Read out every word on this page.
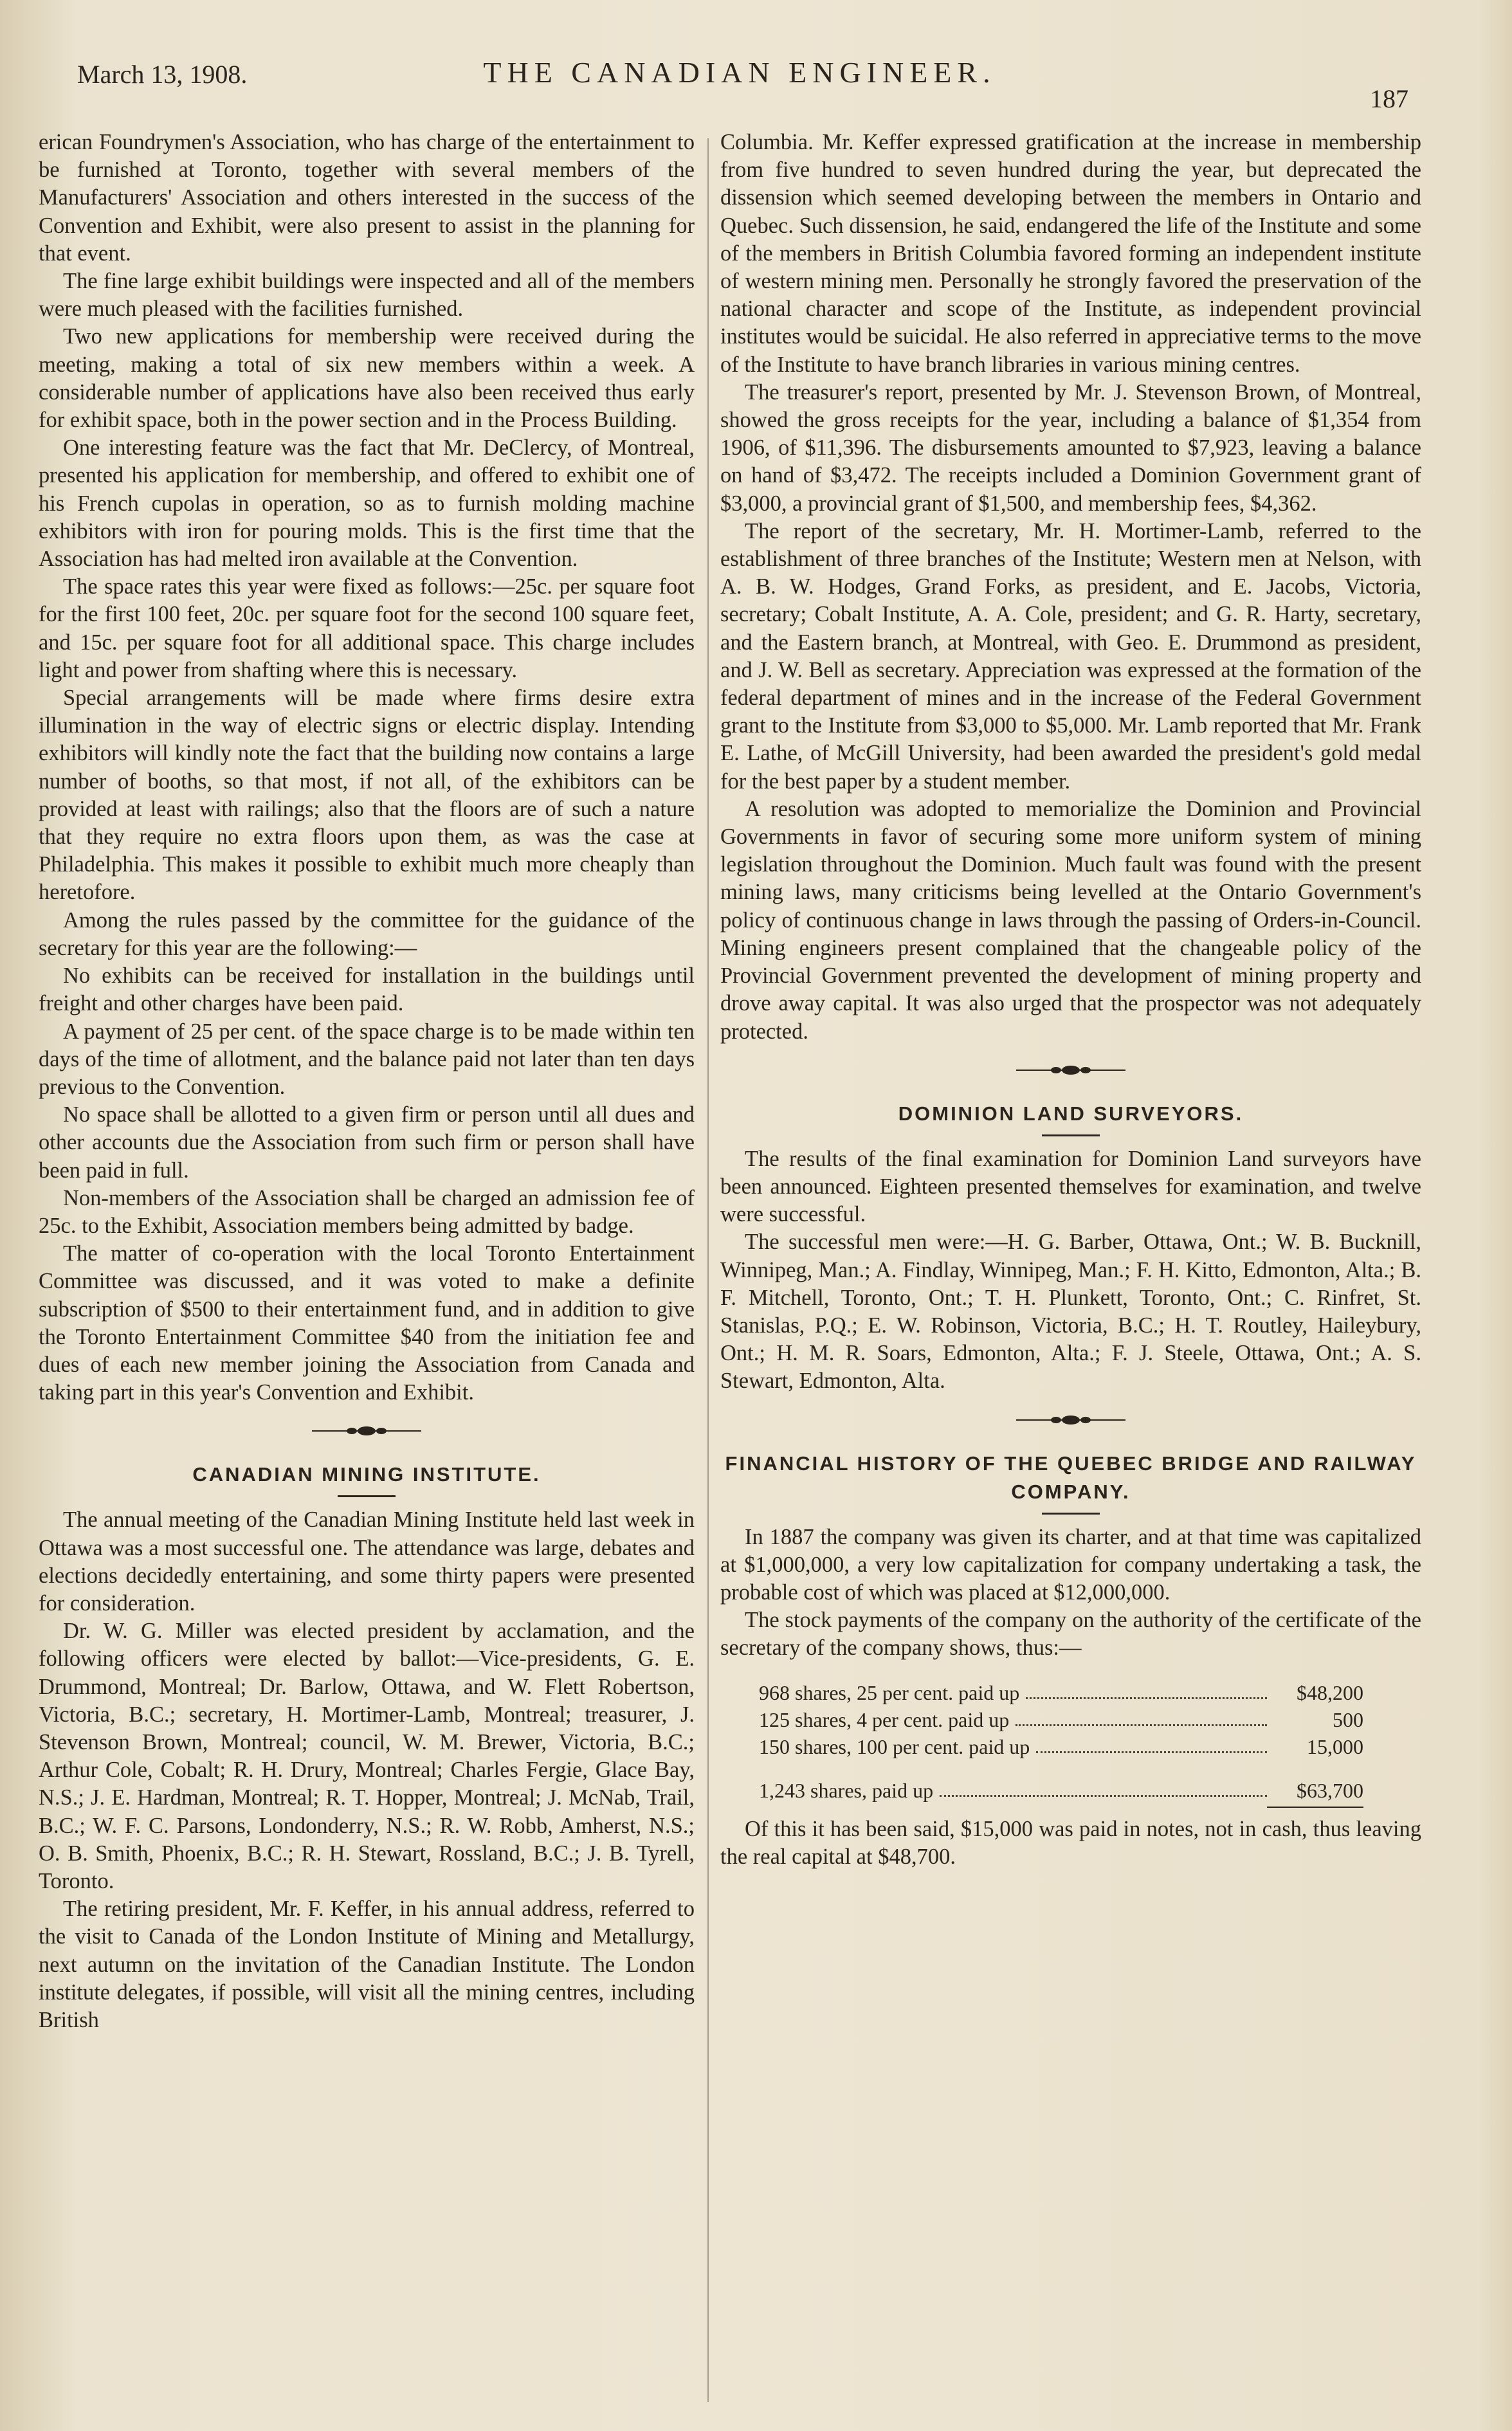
March 13, 1908.	THE CANADIAN ENGINEER.
187

erican Foundrymen's Association, who has charge of the entertainment to be furnished at Toronto, together with several members of the Manufacturers' Association and others interested in the success of the Convention and Exhibit, were also present to assist in the planning for that event.

The fine large exhibit buildings were inspected and all of the members were much pleased with the facilities furnished.

Two new applications for membership were received during the meeting, making a total of six new members within a week. A considerable number of applications have also been received thus early for exhibit space, both in the power section and in the Process Building.

One interesting feature was the fact that Mr. DeClercy, of Montreal, presented his application for membership, and offered to exhibit one of his French cupolas in operation, so as to furnish molding machine exhibitors with iron for pouring molds. This is the first time that the Association has had melted iron available at the Convention.

The space rates this year were fixed as follows:—25c. per square foot for the first 100 feet, 20c. per square foot for the second 100 square feet, and 15c. per square foot for all additional space. This charge includes light and power from shafting where this is necessary.

Special arrangements will be made where firms desire extra illumination in the way of electric signs or electric display. Intending exhibitors will kindly note the fact that the building now contains a large number of booths, so that most, if not all, of the exhibitors can be provided at least with railings; also that the floors are of such a nature that they require no extra floors upon them, as was the case at Philadelphia. This makes it possible to exhibit much more cheaply than heretofore.

Among the rules passed by the committee for the guidance of the secretary for this year are the following:—

No exhibits can be received for installation in the buildings until freight and other charges have been paid.

A payment of 25 per cent. of the space charge is to be made within ten days of the time of allotment, and the balance paid not later than ten days previous to the Convention.

No space shall be allotted to a given firm or person until all dues and other accounts due the Association from such firm or person shall have been paid in full.

Non-members of the Association shall be charged an admission fee of 25c. to the Exhibit, Association members being admitted by badge.

The matter of co-operation with the local Toronto Entertainment Committee was discussed, and it was voted to make a definite subscription of $500 to their entertainment fund, and in addition to give the Toronto Entertainment Committee $40 from the initiation fee and dues of each new member joining the Association from Canada and taking part in this year's Convention and Exhibit.

CANADIAN MINING INSTITUTE.

The annual meeting of the Canadian Mining Institute held last week in Ottawa was a most successful one. The attendance was large, debates and elections decidedly entertaining, and some thirty papers were presented for consideration.

Dr. W. G. Miller was elected president by acclamation, and the following officers were elected by ballot:—Vice-presidents, G. E. Drummond, Montreal; Dr. Barlow, Ottawa, and W. Flett Robertson, Victoria, B.C.; secretary, H. Mortimer-Lamb, Montreal; treasurer, J. Stevenson Brown, Montreal; council, W. M. Brewer, Victoria, B.C.; Arthur Cole, Cobalt; R. H. Drury, Montreal; Charles Fergie, Glace Bay, N.S.; J. E. Hardman, Montreal; R. T. Hopper, Montreal; J. McNab, Trail, B.C.; W. F. C. Parsons, Londonderry, N.S.; R. W. Robb, Amherst, N.S.; O. B. Smith, Phoenix, B.C.; R. H. Stewart, Rossland, B.C.; J. B. Tyrell, Toronto.

The retiring president, Mr. F. Keffer, in his annual address, referred to the visit to Canada of the London Institute of Mining and Metallurgy, next autumn on the invitation of the Canadian Institute. The London institute delegates, if possible, will visit all the mining centres, including British

Columbia. Mr. Keffer expressed gratification at the increase in membership from five hundred to seven hundred during the year, but deprecated the dissension which seemed developing between the members in Ontario and Quebec. Such dissension, he said, endangered the life of the Institute and some of the members in British Columbia favored forming an independent institute of western mining men. Personally he strongly favored the preservation of the national character and scope of the Institute, as independent provincial institutes would be suicidal. He also referred in appreciative terms to the move of the Institute to have branch libraries in various mining centres.

The treasurer's report, presented by Mr. J. Stevenson Brown, of Montreal, showed the gross receipts for the year, including a balance of $1,354 from 1906, of $11,396. The disbursements amounted to $7,923, leaving a balance on hand of $3,472. The receipts included a Dominion Government grant of $3,000, a provincial grant of $1,500, and membership fees, $4,362.

The report of the secretary, Mr. H. Mortimer-Lamb, referred to the establishment of three branches of the Institute; Western men at Nelson, with A. B. W. Hodges, Grand Forks, as president, and E. Jacobs, Victoria, secretary; Cobalt Institute, A. A. Cole, president; and G. R. Harty, secretary, and the Eastern branch, at Montreal, with Geo. E. Drummond as president, and J. W. Bell as secretary. Appreciation was expressed at the formation of the federal department of mines and in the increase of the Federal Government grant to the Institute from $3,000 to $5,000. Mr. Lamb reported that Mr. Frank E. Lathe, of McGill University, had been awarded the president's gold medal for the best paper by a student member.

A resolution was adopted to memorialize the Dominion and Provincial Governments in favor of securing some more uniform system of mining legislation throughout the Dominion. Much fault was found with the present mining laws, many criticisms being levelled at the Ontario Government's policy of continuous change in laws through the passing of Orders-in-Council. Mining engineers present complained that the changeable policy of the Provincial Government prevented the development of mining property and drove away capital. It was also urged that the prospector was not adequately protected.

DOMINION LAND SURVEYORS.

The results of the final examination for Dominion Land surveyors have been announced. Eighteen presented themselves for examination, and twelve were successful.

The successful men were:—H. G. Barber, Ottawa, Ont.; W. B. Bucknill, Winnipeg, Man.; A. Findlay, Winnipeg, Man.; F. H. Kitto, Edmonton, Alta.; B. F. Mitchell, Toronto, Ont.; T. H. Plunkett, Toronto, Ont.; C. Rinfret, St. Stanislas, P.Q.; E. W. Robinson, Victoria, B.C.; H. T. Routley, Haileybury, Ont.; H. M. R. Soars, Edmonton, Alta.; F. J. Steele, Ottawa, Ont.; A. S. Stewart, Edmonton, Alta.

FINANCIAL HISTORY OF THE QUEBEC BRIDGE AND RAILWAY COMPANY.

In 1887 the company was given its charter, and at that time was capitalized at $1,000,000, a very low capitalization for company undertaking a task, the probable cost of which was placed at $12,000,000.

The stock payments of the company on the authority of the certificate of the secretary of the company shows, thus:—

968 shares, 25 per cent. paid up	$48,200
125 shares, 4 per cent. paid up	500
150 shares, 100 per cent. paid up	15,000
1,243 shares, paid up	$63,700

Of this it has been said, $15,000 was paid in notes, not in cash, thus leaving the real capital at $48,700.
